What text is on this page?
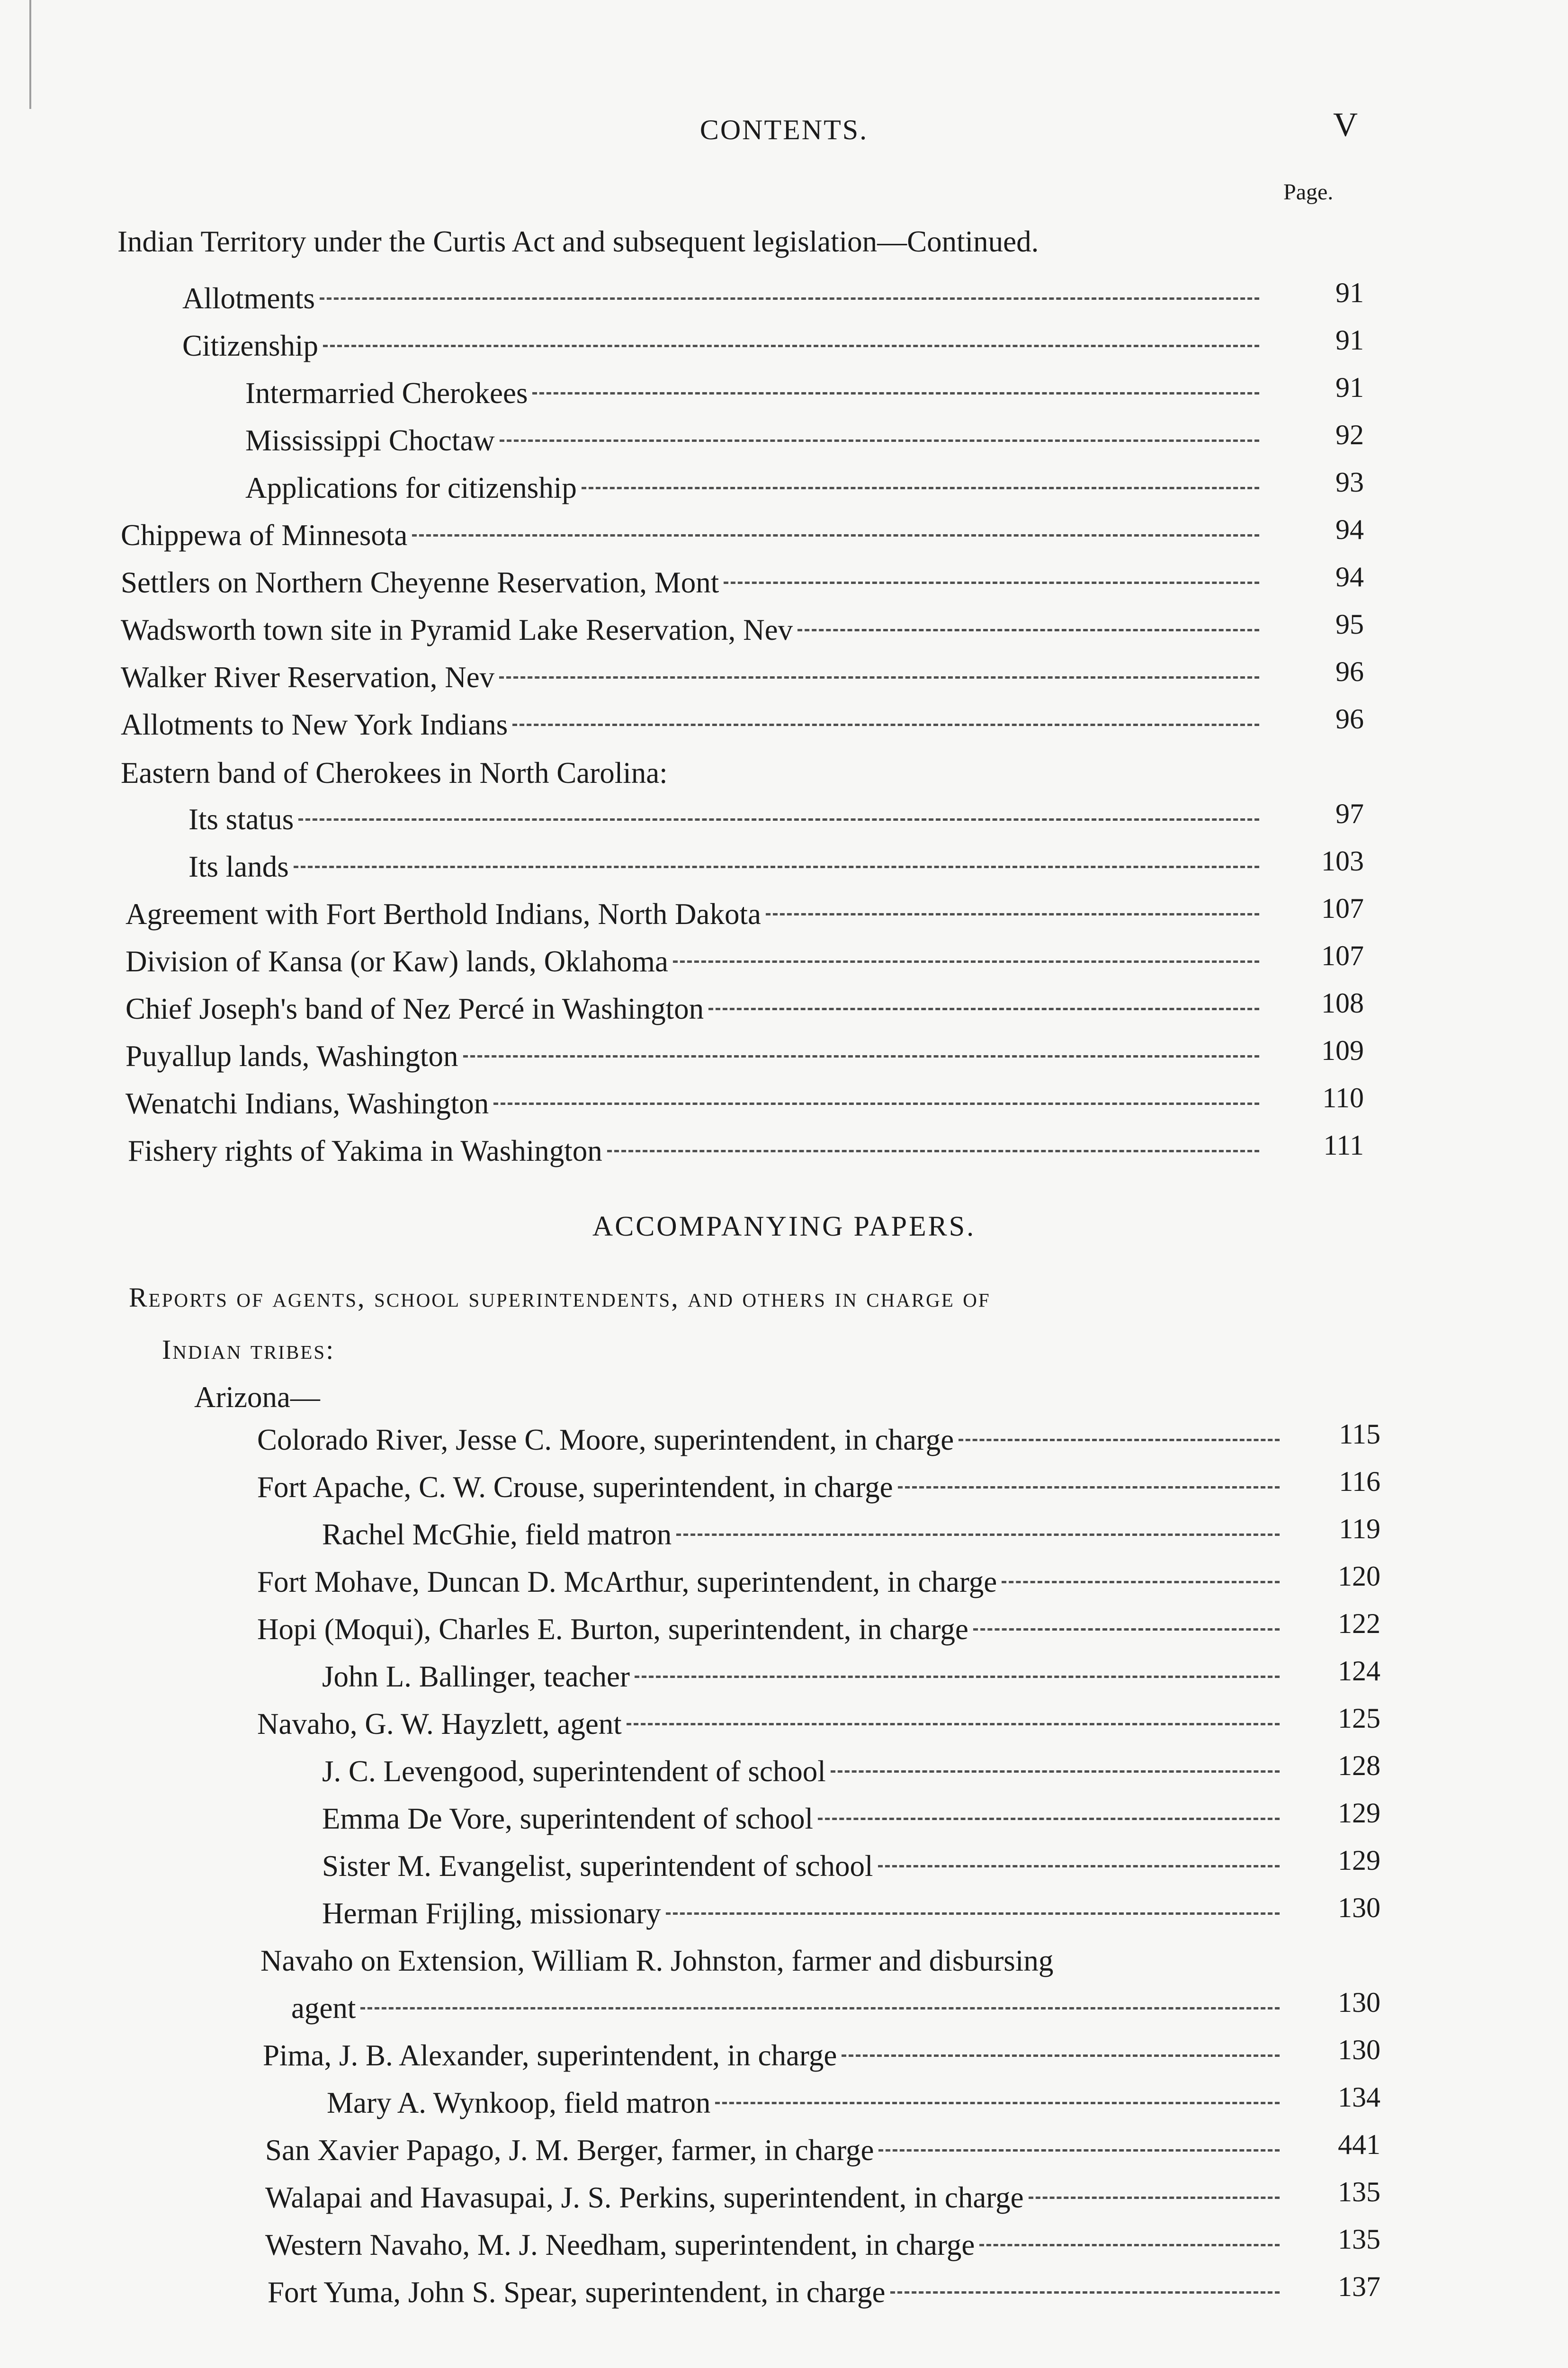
CONTENTS.	V
Page.
Indian Territory under the Curtis Act and subsequent legislation—Continued.
Allotments	91
Citizenship	91
Intermarried Cherokees	91
Mississippi Choctaw	92
Applications for citizenship	93
Chippewa of Minnesota	94
Settlers on Northern Cheyenne Reservation, Mont	94
Wadsworth town site in Pyramid Lake Reservation, Nev	95
Walker River Reservation, Nev	96
Allotments to New York Indians	96
Eastern band of Cherokees in North Carolina:
Its status	97
Its lands	103
Agreement with Fort Berthold Indians, North Dakota	107
Division of Kansa (or Kaw) lands, Oklahoma	107
Chief Joseph's band of Nez Percé in Washington	108
Puyallup lands, Washington	109
Wenatchi Indians, Washington	110
Fishery rights of Yakima in Washington	111
ACCOMPANYING PAPERS.
Reports of agents, school superintendents, and others in charge of
Indian tribes:
Arizona—
Colorado River, Jesse C. Moore, superintendent, in charge	115
Fort Apache, C. W. Crouse, superintendent, in charge	116
Rachel McGhie, field matron	119
Fort Mohave, Duncan D. McArthur, superintendent, in charge	120
Hopi (Moqui), Charles E. Burton, superintendent, in charge	122
John L. Ballinger, teacher	124
Navaho, G. W. Hayzlett, agent	125
J. C. Levengood, superintendent of school	128
Emma De Vore, superintendent of school	129
Sister M. Evangelist, superintendent of school	129
Herman Frijling, missionary	130
Navaho on Extension, William R. Johnston, farmer and disbursing
agent	130
Pima, J. B. Alexander, superintendent, in charge	130
Mary A. Wynkoop, field matron	134
San Xavier Papago, J. M. Berger, farmer, in charge	441
Walapai and Havasupai, J. S. Perkins, superintendent, in charge	135
Western Navaho, M. J. Needham, superintendent, in charge	135
Fort Yuma, John S. Spear, superintendent, in charge	137
